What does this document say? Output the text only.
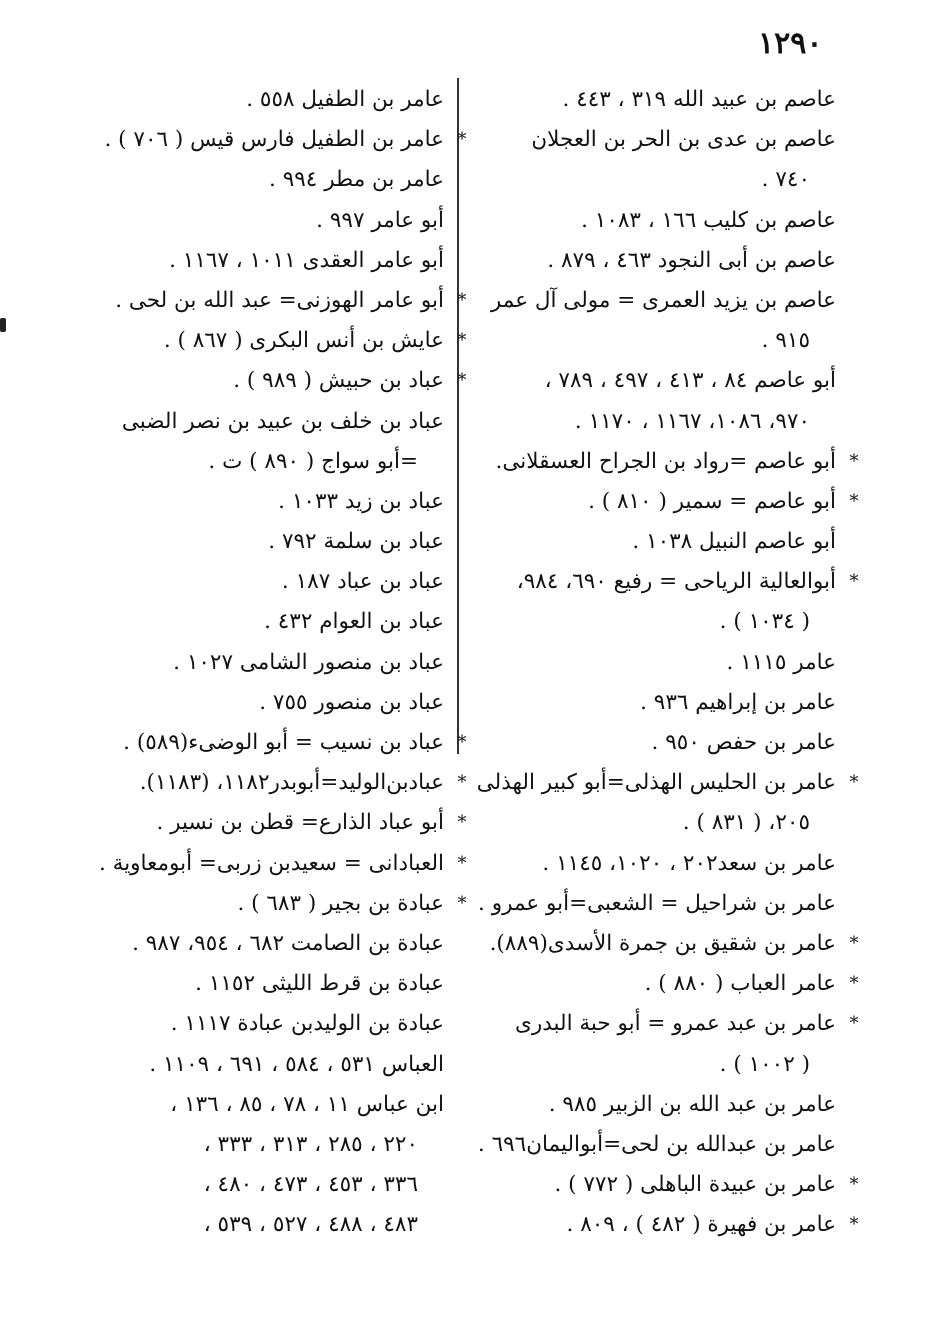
١٢٩٠
عاصم بن عبيد الله ٣١٩ ، ٤٤٣ .
عاصم بن عدى بن الحر بن العجلان
٧٤٠ .
عاصم بن كليب ١٦٦ ، ١٠٨٣ .
عاصم بن أبى النجود ٤٦٣ ، ٨٧٩ .
عاصم بن يزيد العمرى = مولى آل عمر
٩١٥ .
أبو عاصم ٨٤ ، ٤١٣ ، ٤٩٧ ، ٧٨٩ ،
٩٧٠، ١٠٨٦، ١١٦٧ ، ١١٧٠ .
*
أبو عاصم =رواد بن الجراح العسقلانى.
*
أبو عاصم = سمير ( ٨١٠ ) .
أبو عاصم النبيل ١٠٣٨ .
*
أبوالعالية الرياحى = رفيع ٦٩٠، ٩٨٤،
( ١٠٣٤ ) .
عامر ١١١٥ .
عامر بن إبراهيم ٩٣٦ .
عامر بن حفص ٩٥٠ .
*
عامر بن الحليس الهذلى=أبو كبير الهذلى
٢٠٥، ( ٨٣١ ) .
عامر بن سعد٢٠٢ ، ١٠٢٠، ١١٤٥ .
عامر بن شراحيل = الشعبى=أبو عمرو .
*
عامر بن شقيق بن جمرة الأسدى(٨٨٩).
*
عامر العباب ( ٨٨٠ ) .
*
عامر بن عبد عمرو = أبو حبة البدرى
( ١٠٠٢ ) .
عامر بن عبد الله بن الزبير ٩٨٥ .
عامر بن عبدالله بن لحى=أبواليمان٦٩٦ .
*
عامر بن عبيدة الباهلى ( ٧٧٢ ) .
*
عامر بن فهيرة ( ٤٨٢ ) ، ٨٠٩ .
عامر بن الطفيل ٥٥٨ .
*
عامر بن الطفيل فارس قيس ( ٧٠٦ ) .
عامر بن مطر ٩٩٤ .
أبو عامر ٩٩٧ .
أبو عامر العقدى ١٠١١ ، ١١٦٧ .
*
أبو عامر الهوزنى= عبد الله بن لحى .
*
عايش بن أنس البكرى ( ٨٦٧ ) .
*
عباد بن حبيش ( ٩٨٩ ) .
عباد بن خلف بن عبيد بن نصر الضبى
=أبو سواج ( ٨٩٠ ) ت .
عباد بن زيد ١٠٣٣ .
عباد بن سلمة ٧٩٢ .
عباد بن عباد ١٨٧ .
عباد بن العوام ٤٣٢ .
عباد بن منصور الشامى ١٠٢٧ .
عباد بن منصور ٧٥٥ .
*
عباد بن نسيب = أبو الوضىء(٥٨٩) .
*
عبادبن‌الوليد=أبوبدر١١٨٢، (١١٨٣).
*
أبو عباد الذارع= قطن بن نسير .
*
العبادانى = سعيدبن زربى= أبومعاوية .
*
عبادة بن بجير ( ٦٨٣ ) .
عبادة بن الصامت ٦٨٢ ، ٩٥٤، ٩٨٧ .
عبادة بن قرط الليثى ١١٥٢ .
عبادة بن الوليدبن عبادة ١١١٧ .
العباس ٥٣١ ، ٥٨٤ ، ٦٩١ ، ١١٠٩ .
ابن عباس ١١ ، ٧٨ ، ٨٥ ، ١٣٦ ،
٢٢٠ ، ٢٨٥ ، ٣١٣ ، ٣٣٣ ،
٣٣٦ ، ٤٥٣ ، ٤٧٣ ، ٤٨٠ ،
٤٨٣ ، ٤٨٨ ، ٥٢٧ ، ٥٣٩ ،
